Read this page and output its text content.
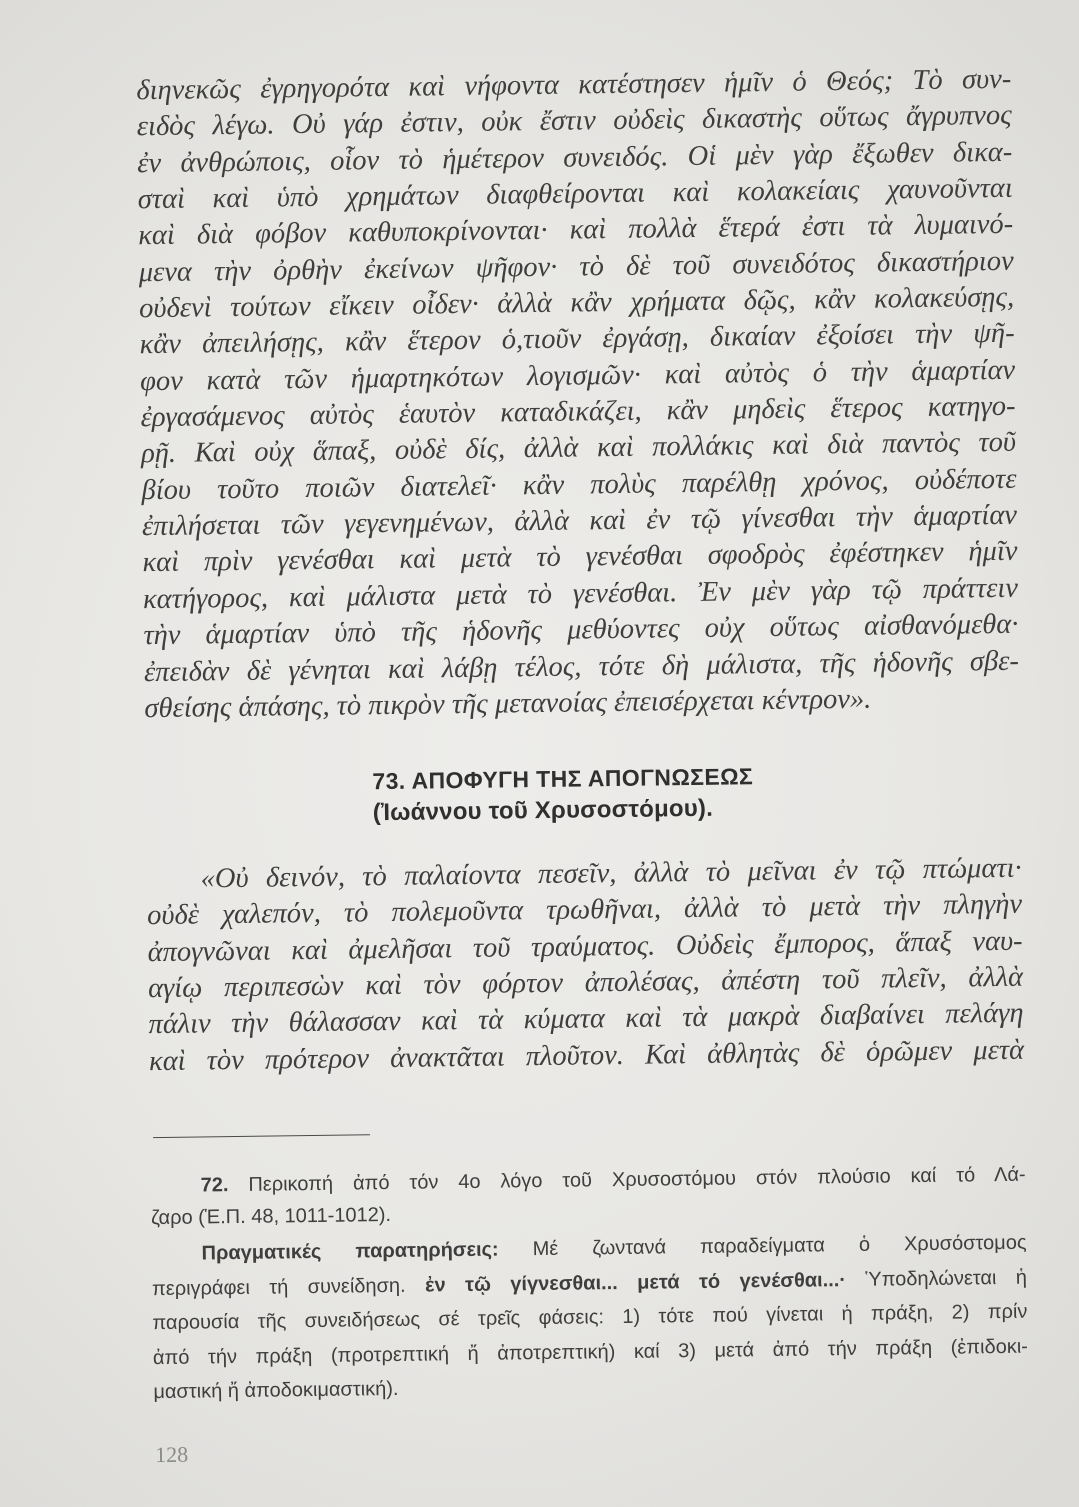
διηνεκῶς ἐγρηγορότα καὶ νήφοντα κατέστησεν ἡμῖν ὁ Θεός; Τὸ συν-
ειδὸς λέγω. Οὐ γάρ ἐστιν, οὐκ ἔστιν οὐδεὶς δικαστὴς οὕτως ἄγρυπνος
ἐν ἀνθρώποις, οἷον τὸ ἡμέτερον συνειδός. Οἱ μὲν γὰρ ἔξωθεν δικα-
σταὶ καὶ ὑπὸ χρημάτων διαφθείρονται καὶ κολακείαις χαυνοῦνται
καὶ διὰ φόβον καθυποκρίνονται· καὶ πολλὰ ἕτερά ἐστι τὰ λυμαινό-
μενα τὴν ὀρθὴν ἐκείνων ψῆφον· τὸ δὲ τοῦ συνειδότος δικαστήριον
οὐδενὶ τούτων εἴκειν οἶδεν· ἀλλὰ κἂν χρήματα δῷς, κἂν κολακεύσῃς,
κἂν ἀπειλήσῃς, κἂν ἕτερον ὁ,τιοῦν ἐργάσῃ, δικαίαν ἐξοίσει τὴν ψῆ-
φον κατὰ τῶν ἡμαρτηκότων λογισμῶν· καὶ αὐτὸς ὁ τὴν ἁμαρτίαν
ἐργασάμενος αὐτὸς ἑαυτὸν καταδικάζει, κἂν μηδεὶς ἕτερος κατηγο-
ρῇ. Καὶ οὐχ ἅπαξ, οὐδὲ δίς, ἀλλὰ καὶ πολλάκις καὶ διὰ παντὸς τοῦ
βίου τοῦτο ποιῶν διατελεῖ· κἂν πολὺς παρέλθῃ χρόνος, οὐδέποτε
ἐπιλήσεται τῶν γεγενημένων, ἀλλὰ καὶ ἐν τῷ γίνεσθαι τὴν ἁμαρτίαν
καὶ πρὶν γενέσθαι καὶ μετὰ τὸ γενέσθαι σφοδρὸς ἐφέστηκεν ἡμῖν
κατήγορος, καὶ μάλιστα μετὰ τὸ γενέσθαι. Ἐν μὲν γὰρ τῷ πράττειν
τὴν ἁμαρτίαν ὑπὸ τῆς ἡδονῆς μεθύοντες οὐχ οὕτως αἰσθανόμεθα·
ἐπειδὰν δὲ γένηται καὶ λάβῃ τέλος, τότε δὴ μάλιστα, τῆς ἡδονῆς σβε-
σθείσης ἁπάσης, τὸ πικρὸν τῆς μετανοίας ἐπεισέρχεται κέντρον».
73. ΑΠΟΦΥΓΗ ΤΗΣ ΑΠΟΓΝΩΣΕΩΣ
(Ἰωάννου τοῦ Χρυσοστόμου).
«Οὐ δεινόν, τὸ παλαίοντα πεσεῖν, ἀλλὰ τὸ μεῖναι ἐν τῷ πτώματι·
οὐδὲ χαλεπόν, τὸ πολεμοῦντα τρωθῆναι, ἀλλὰ τὸ μετὰ τὴν πληγὴν
ἀπογνῶναι καὶ ἀμελῆσαι τοῦ τραύματος. Οὐδεὶς ἔμπορος, ἅπαξ ναυ-
αγίῳ περιπεσὼν καὶ τὸν φόρτον ἀπολέσας, ἀπέστη τοῦ πλεῖν, ἀλλὰ
πάλιν τὴν θάλασσαν καὶ τὰ κύματα καὶ τὰ μακρὰ διαβαίνει πελάγη
καὶ τὸν πρότερον ἀνακτᾶται πλοῦτον. Καὶ ἀθλητὰς δὲ ὁρῶμεν μετὰ
72. Περικοπή ἀπό τόν 4ο λόγο τοῦ Χρυσοστόμου στόν πλούσιο καί τό Λά-
ζαρο (Ἑ.Π. 48, 1011-1012).
Πραγματικές παρατηρήσεις: Μέ ζωντανά παραδείγματα ὁ Χρυσόστομος
περιγράφει τή συνείδηση. ἐν τῷ γίγνεσθαι... μετά τό γενέσθαι...· Ὑποδηλώνεται ἡ
παρουσία τῆς συνειδήσεως σέ τρεῖς φάσεις: 1) τότε πού γίνεται ἡ πράξη, 2) πρίν
ἀπό τήν πράξη (προτρεπτική ἤ ἀποτρεπτική) καί 3) μετά ἀπό τήν πράξη (ἐπιδοκι-
μαστική ἤ ἀποδοκιμαστική).
128
